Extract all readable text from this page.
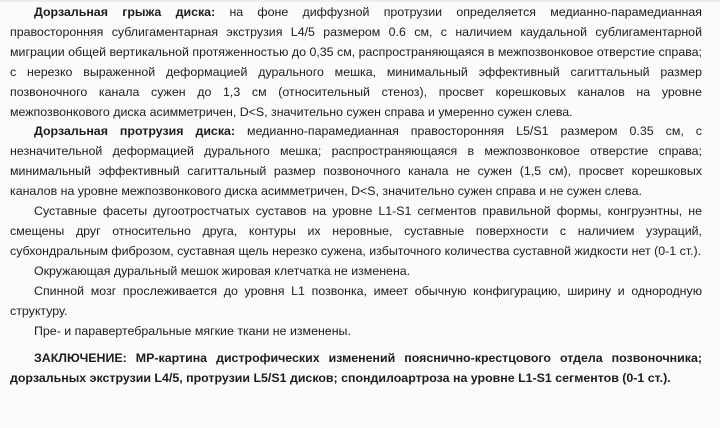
Дорзальная грыжа диска: на фоне диффузной протрузии определяется медианно-парамедианная правосторонняя сублигаментарная экструзия L4/5 размером 0.6 см, с наличием каудальной сублигаментарной миграции общей вертикальной протяженностью до 0,35 см, распространяющаяся в межпозвонковое отверстие справа; с нерезко выраженной деформацией дурального мешка, минимальный эффективный сагиттальный размер позвоночного канала сужен до 1,3 см (относительный стеноз), просвет корешковых каналов на уровне межпозвонкового диска асимметричен, D<S, значительно сужен справа и умеренно сужен слева.

Дорзальная протрузия диска: медианно-парамедианная правосторонняя L5/S1 размером 0.35 см, с незначительной деформацией дурального мешка; распространяющаяся в межпозвонковое отверстие справа; минимальный эффективный сагиттальный размер позвоночного канала не сужен (1,5 см), просвет корешковых каналов на уровне межпозвонкового диска асимметричен, D<S, значительно сужен справа и не сужен слева.

Суставные фасеты дугоотростчатых суставов на уровне L1-S1 сегментов правильной формы, конгруэнтны, не смещены друг относительно друга, контуры их неровные, суставные поверхности с наличием узураций, субхондральным фиброзом, суставная щель нерезко сужена, избыточного количества суставной жидкости нет (0-1 ст.).

Окружающая дуральный мешок жировая клетчатка не изменена.

Спинной мозг прослеживается до уровня L1 позвонка, имеет обычную конфигурацию, ширину и однородную структуру.

Пре- и паравертебральные мягкие ткани не изменены.

ЗАКЛЮЧЕНИЕ: МР-картина дистрофических изменений пояснично-крестцового отдела позвоночника; дорзальных экструзии L4/5, протрузии L5/S1 дисков; спондилоартроза на уровне L1-S1 сегментов (0-1 ст.).
